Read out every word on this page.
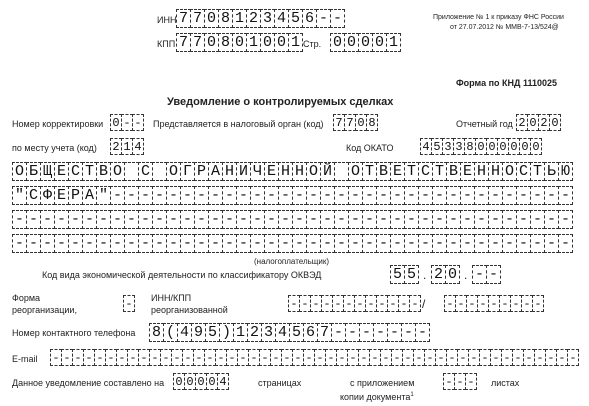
ИНН 7 7 0 8 1 2 3 4 5 6 - -
КПП 7 7 0 8 0 1 0 0 1 Стр. 0 0 0 0 1
Приложение № 1 к приказу ФНС России
от 27.07.2012 № ММВ-7-13/524@
Форма по КНД 1110025
Уведомление о контролируемых сделках
Номер корректировки 0 - - Представляется в налоговый орган (код) 7 7 0 8	Отчетный год 2 0 2 0
по месту учета (код) 2 1 4	Код ОКАТО 4 5 3 3 8 0 0 0 0 0 0
О Б Щ Е С Т В О С О Г Р А Н И Ч Е Н Н О Й О Т В Е Т С Т В Е Н Н О С Т Ь Ю
" С Ф Е Р А " - - - - - - - - - - - - - - - - - - - - - - - - - - - - - - - - -
- - - - - - - - - - - - - - - - - - - - - - - - - - - - - - - - - - - - - - - -
- - - - - - - - - - - - - - - - - - - - - - - - - - - - - - - - - - - - - - - -
(налогоплательщик)
Код вида экономической деятельности по классификатору ОКВЭД	5 5 . 2 0 . - -
Форма
реорганизации,	- ИНН/КПП
реорганизованной	- - - - - - - - - - - - / - - - - - - - - -
Номер контактного телефона 8 ( 4 9 5 ) 1 2 3 4 5 6 7 - - - - - - -
E-mail - - - - - - - - - - - - - - - - - - - - - - - - - - - - - - - - - - - - - - - - - - - - - - - -
Данное уведомление составлено на 0 0 0 0 4	страницах	с приложением
копии документа$^1$
- - - листах
